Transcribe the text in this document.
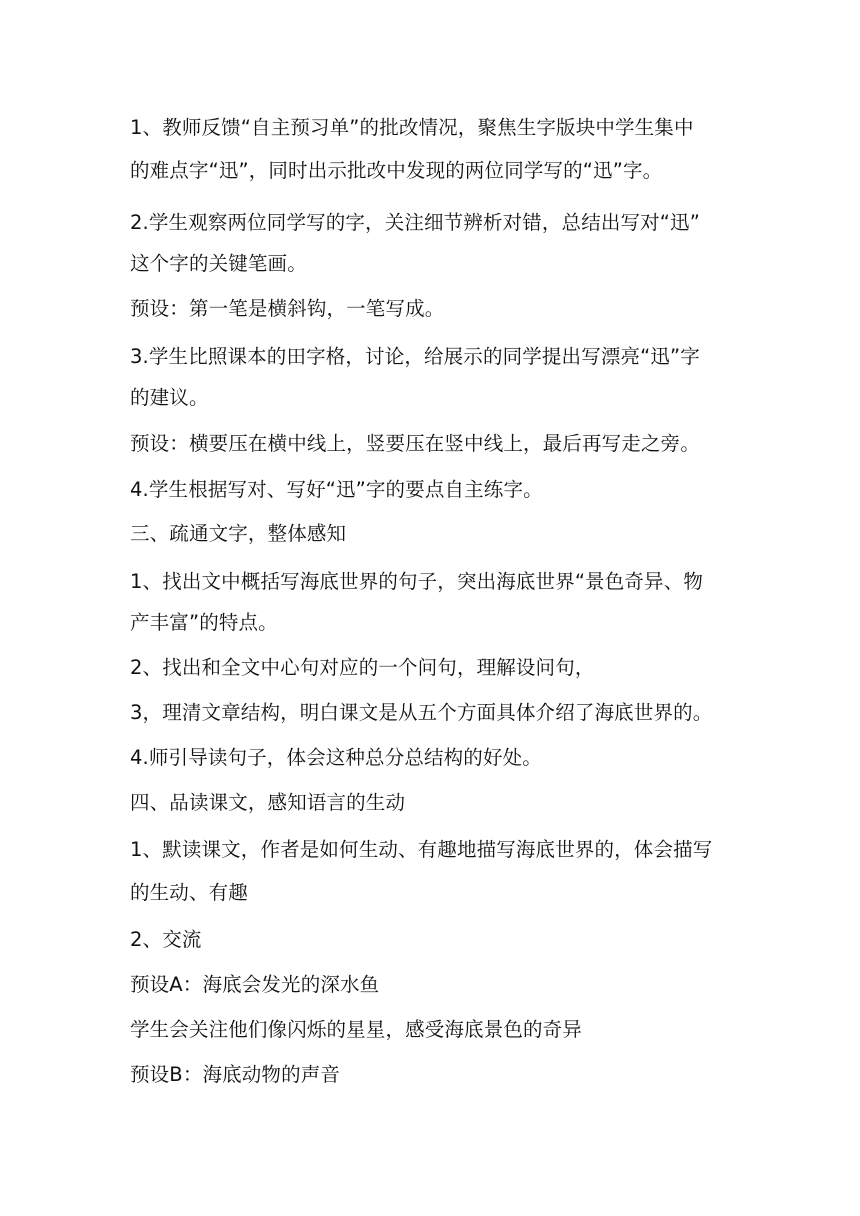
1、教师反馈“自主预习单”的批改情况，聚焦生字版块中学生集中
的难点字“迅”，同时出示批改中发现的两位同学写的“迅”字。
2.学生观察两位同学写的字，关注细节辨析对错，总结出写对“迅”
这个字的关键笔画。
预设：第一笔是横斜钩，一笔写成。
3.学生比照课本的田字格，讨论，给展示的同学提出写漂亮“迅”字
的建议。
预设：横要压在横中线上，竖要压在竖中线上，最后再写走之旁。
4.学生根据写对、写好“迅”字的要点自主练字。
三、疏通文字，整体感知
1、找出文中概括写海底世界的句子，突出海底世界“景色奇异、物
产丰富”的特点。
2、找出和全文中心句对应的一个问句，理解设问句，
3，理清文章结构，明白课文是从五个方面具体介绍了海底世界的。
4.师引导读句子，体会这种总分总结构的好处。
四、品读课文，感知语言的生动
1、默读课文，作者是如何生动、有趣地描写海底世界的，体会描写
的生动、有趣
2、交流
预设A：海底会发光的深水鱼
学生会关注他们像闪烁的星星，感受海底景色的奇异
预设B：海底动物的声音
